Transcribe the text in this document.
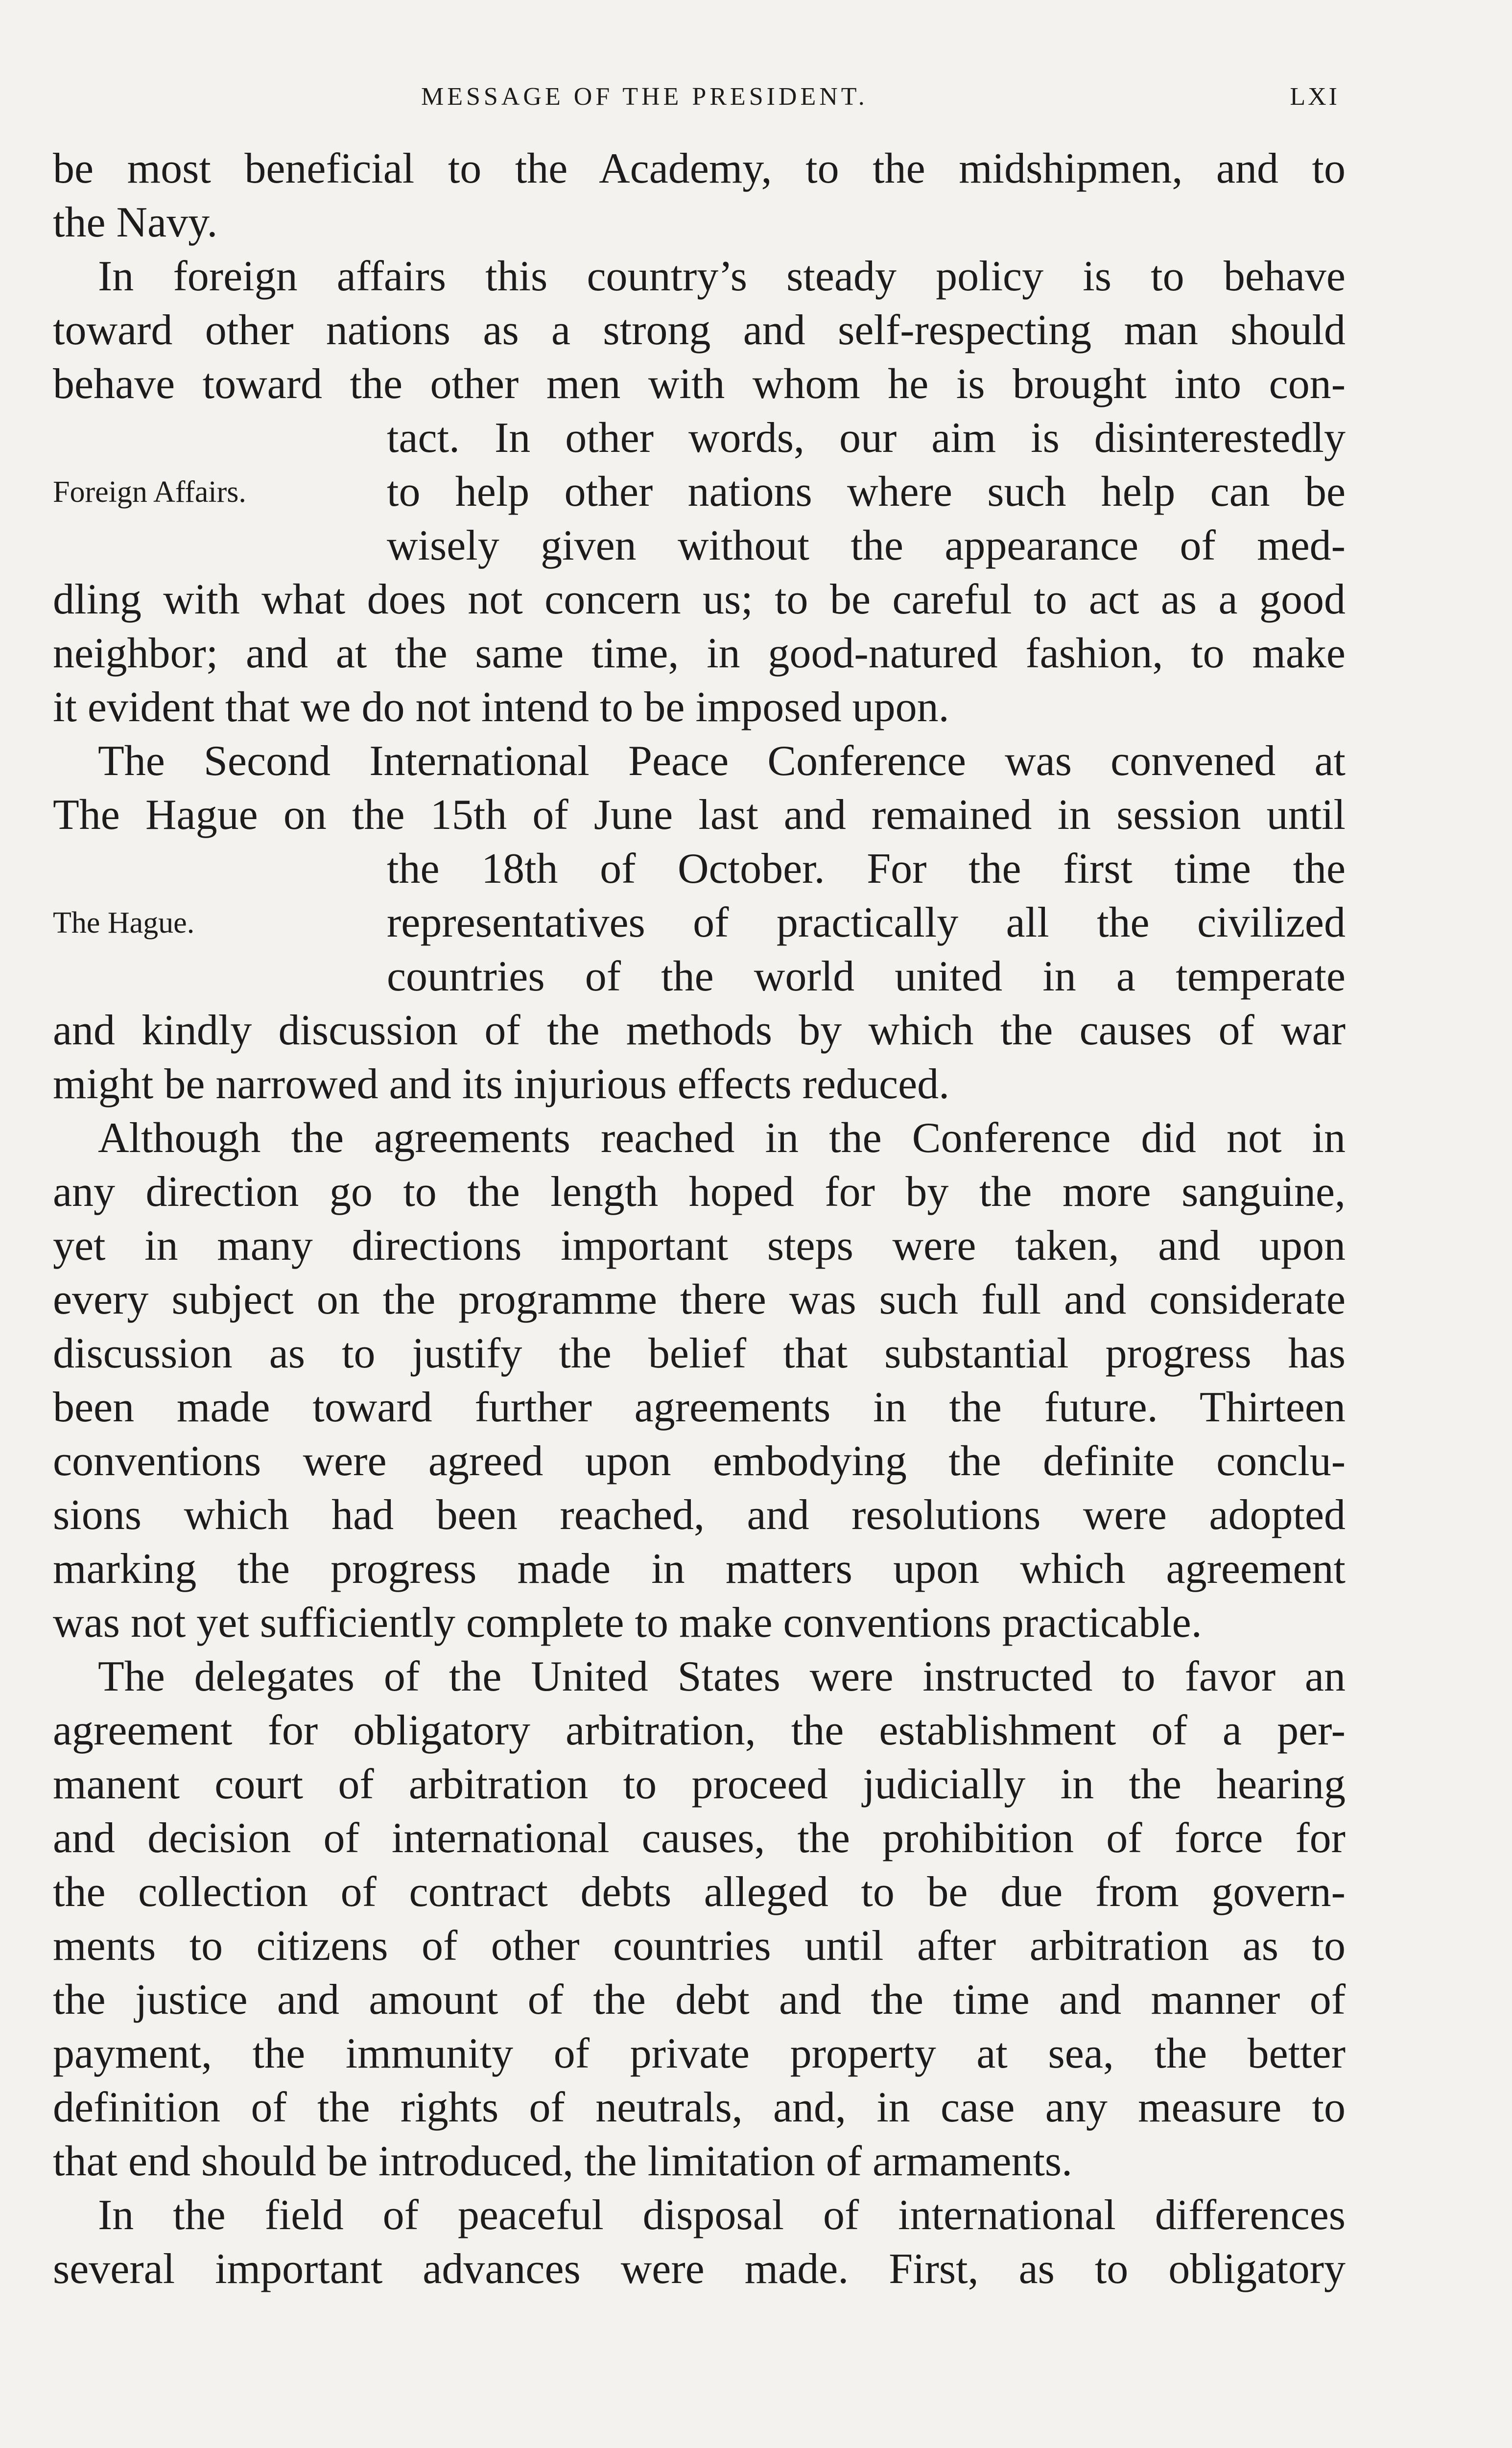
MESSAGE OF THE PRESIDENT.	LXI
be most beneficial to the Academy, to the midshipmen, and to
the Navy.
In foreign affairs this country’s steady policy is to behave
toward other nations as a strong and self-respecting man should
behave toward the other men with whom he is brought into con-
tact. In other words, our aim is disinterestedly
Foreign Affairs.	to help other nations where such help can be
wisely given without the appearance of med-
dling with what does not concern us; to be careful to act as a good
neighbor; and at the same time, in good-natured fashion, to make
it evident that we do not intend to be imposed upon.
The Second International Peace Conference was convened at
The Hague on the 15th of June last and remained in session until
the 18th of October. For the first time the
The Hague.	representatives of practically all the civilized
countries of the world united in a temperate
and kindly discussion of the methods by which the causes of war
might be narrowed and its injurious effects reduced.
Although the agreements reached in the Conference did not in
any direction go to the length hoped for by the more sanguine,
yet in many directions important steps were taken, and upon
every subject on the programme there was such full and considerate
discussion as to justify the belief that substantial progress has
been made toward further agreements in the future. Thirteen
conventions were agreed upon embodying the definite conclu-
sions which had been reached, and resolutions were adopted
marking the progress made in matters upon which agreement
was not yet sufficiently complete to make conventions practicable.
The delegates of the United States were instructed to favor an
agreement for obligatory arbitration, the establishment of a per-
manent court of arbitration to proceed judicially in the hearing
and decision of international causes, the prohibition of force for
the collection of contract debts alleged to be due from govern-
ments to citizens of other countries until after arbitration as to
the justice and amount of the debt and the time and manner of
payment, the immunity of private property at sea, the better
definition of the rights of neutrals, and, in case any measure to
that end should be introduced, the limitation of armaments.
In the field of peaceful disposal of international differences
several important advances were made. First, as to obligatory
